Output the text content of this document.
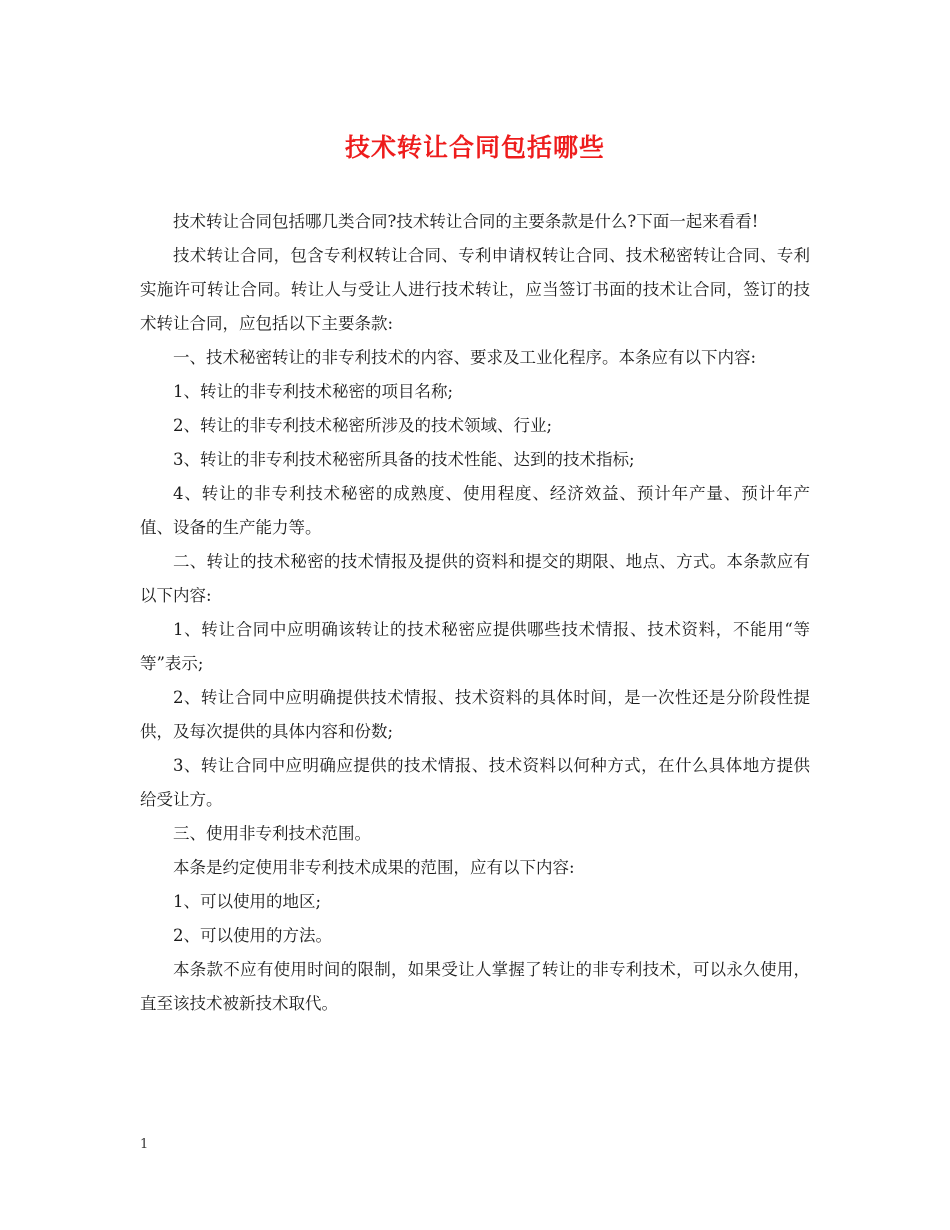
技术转让合同包括哪些

技术转让合同包括哪几类合同?技术转让合同的主要条款是什么?下面一起来看看!

技术转让合同，包含专利权转让合同、专利申请权转让合同、技术秘密转让合同、专利实施许可转让合同。转让人与受让人进行技术转让，应当签订书面的技术让合同，签订的技术转让合同，应包括以下主要条款:

一、技术秘密转让的非专利技术的内容、要求及工业化程序。本条应有以下内容:

1、转让的非专利技术秘密的项目名称;

2、转让的非专利技术秘密所涉及的技术领域、行业;

3、转让的非专利技术秘密所具备的技术性能、达到的技术指标;

4、转让的非专利技术秘密的成熟度、使用程度、经济效益、预计年产量、预计年产值、设备的生产能力等。

二、转让的技术秘密的技术情报及提供的资料和提交的期限、地点、方式。本条款应有以下内容:

1、转让合同中应明确该转让的技术秘密应提供哪些技术情报、技术资料，不能用“等等”表示;

2、转让合同中应明确提供技术情报、技术资料的具体时间，是一次性还是分阶段性提供，及每次提供的具体内容和份数;

3、转让合同中应明确应提供的技术情报、技术资料以何种方式，在什么具体地方提供给受让方。

三、使用非专利技术范围。

本条是约定使用非专利技术成果的范围，应有以下内容:

1、可以使用的地区;

2、可以使用的方法。

本条款不应有使用时间的限制，如果受让人掌握了转让的非专利技术，可以永久使用，直至该技术被新技术取代。

1
